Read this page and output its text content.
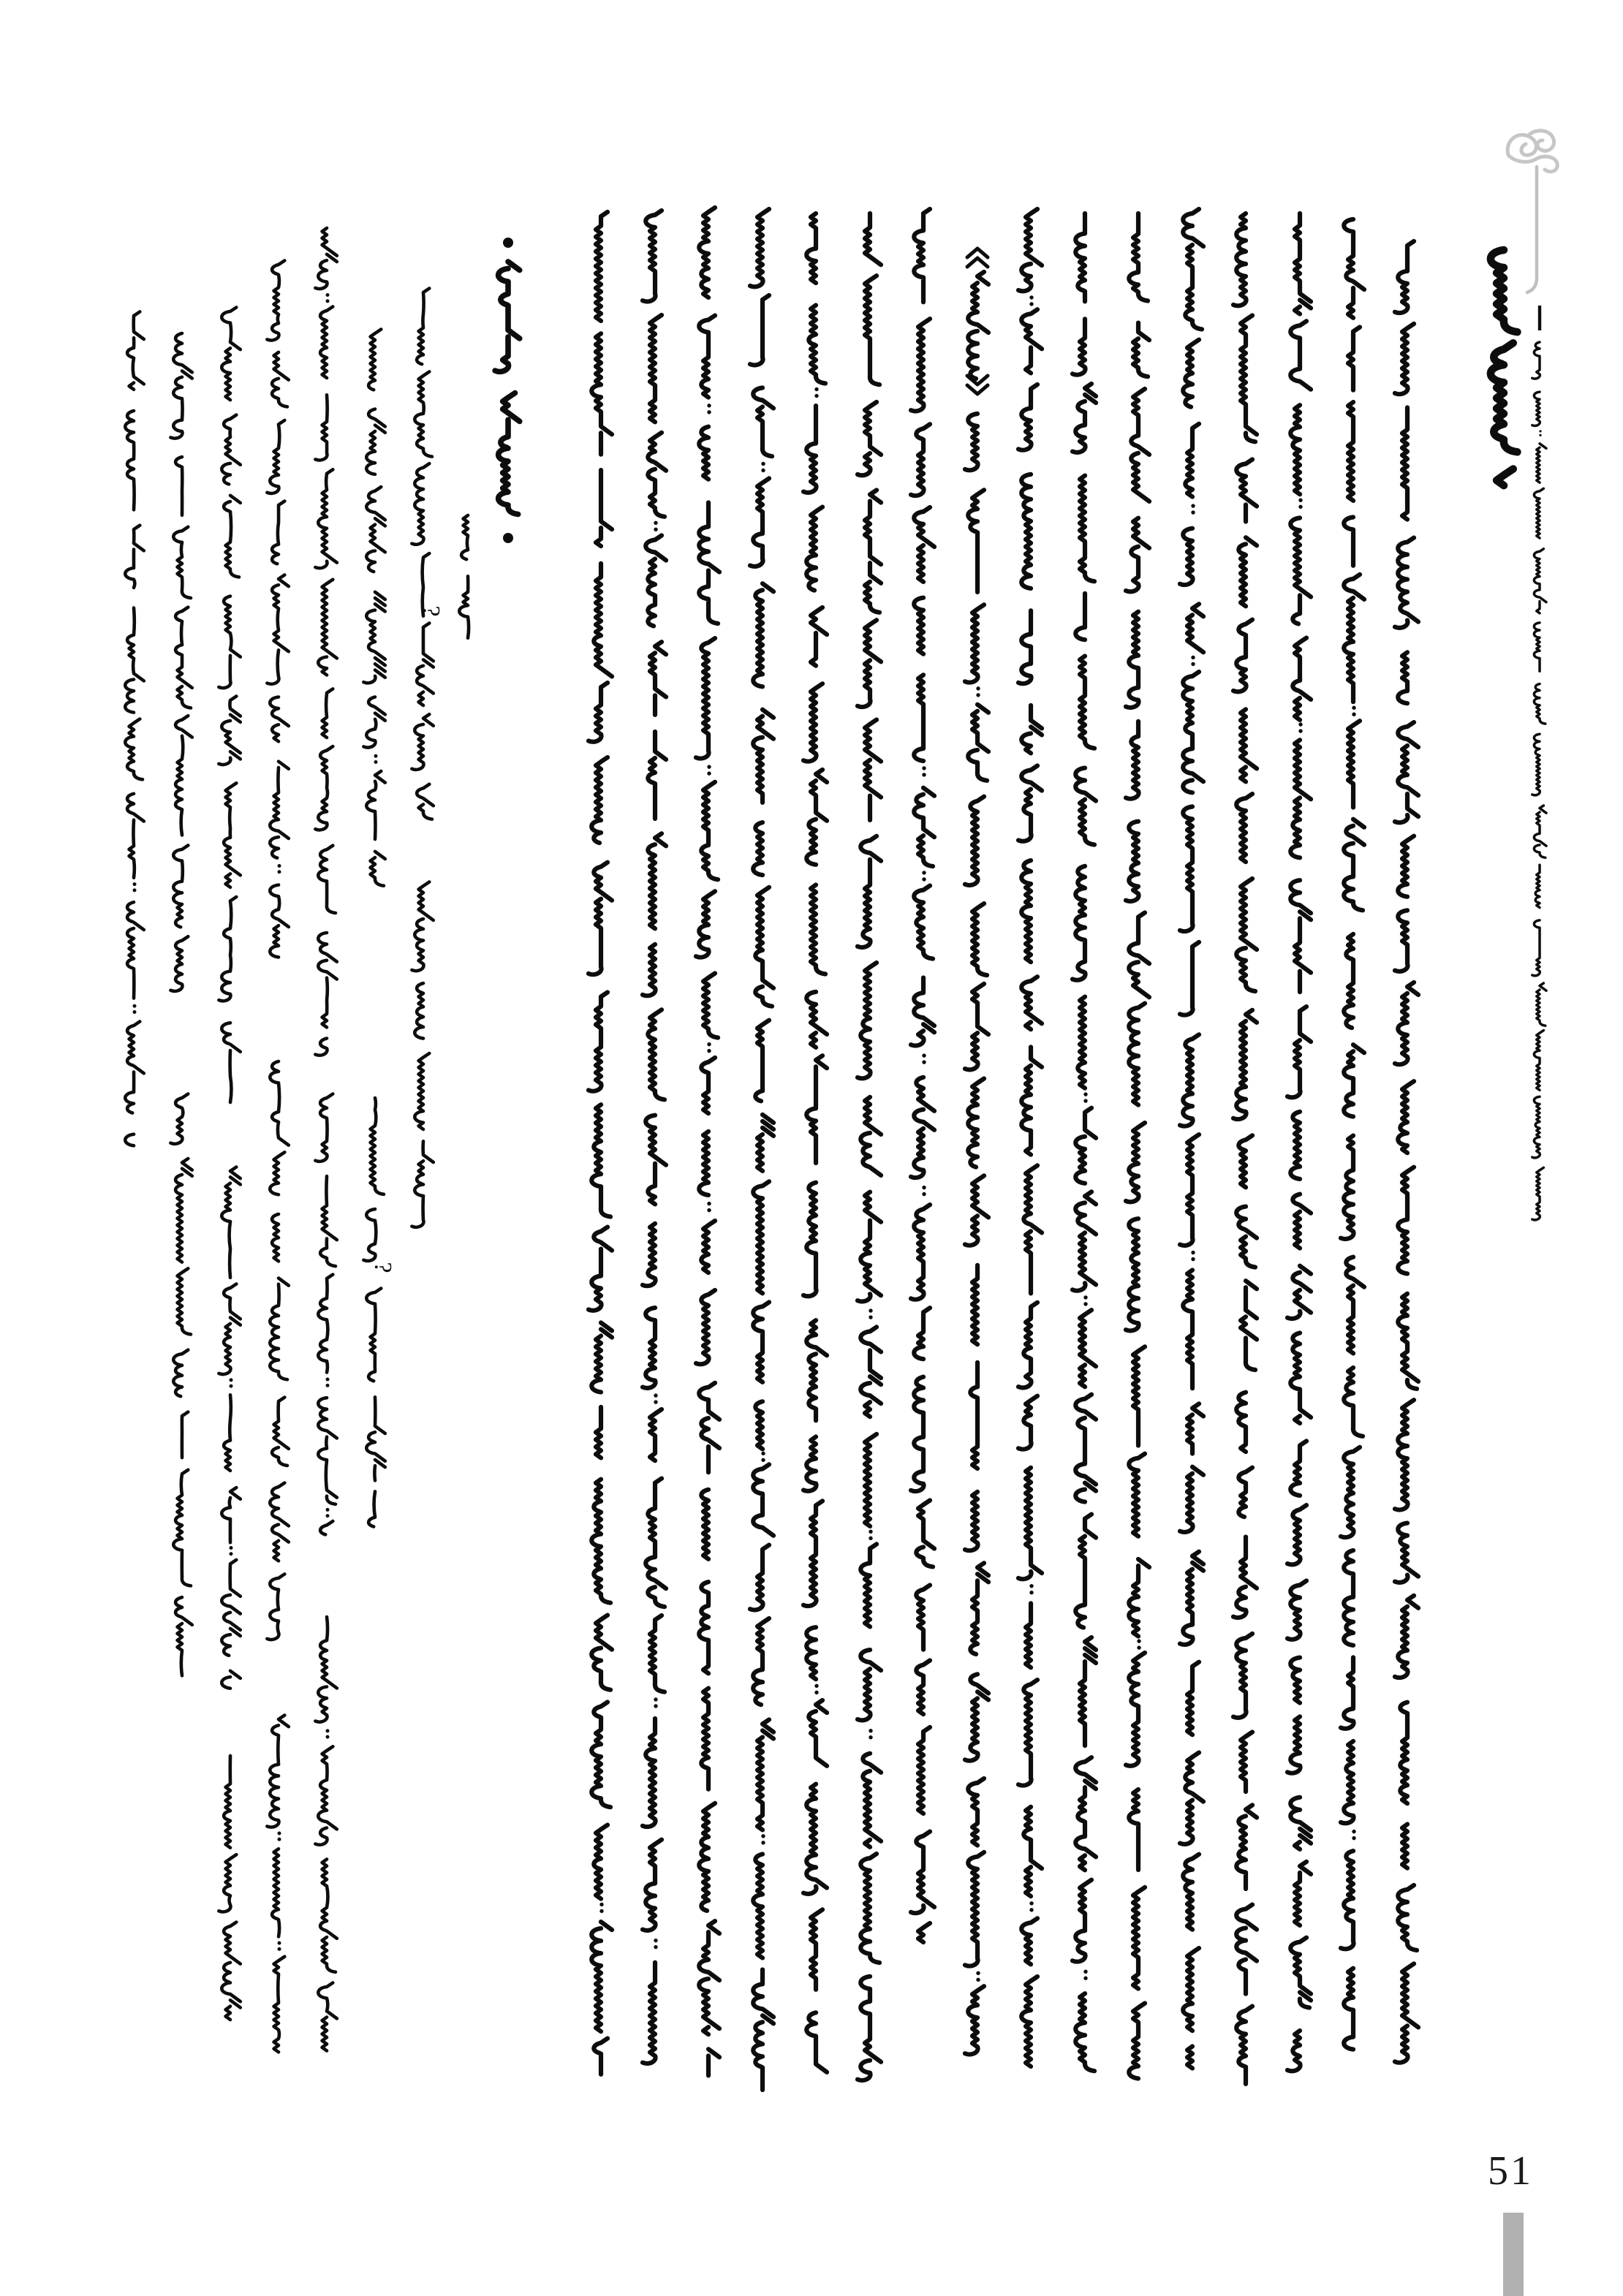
?
?
51
